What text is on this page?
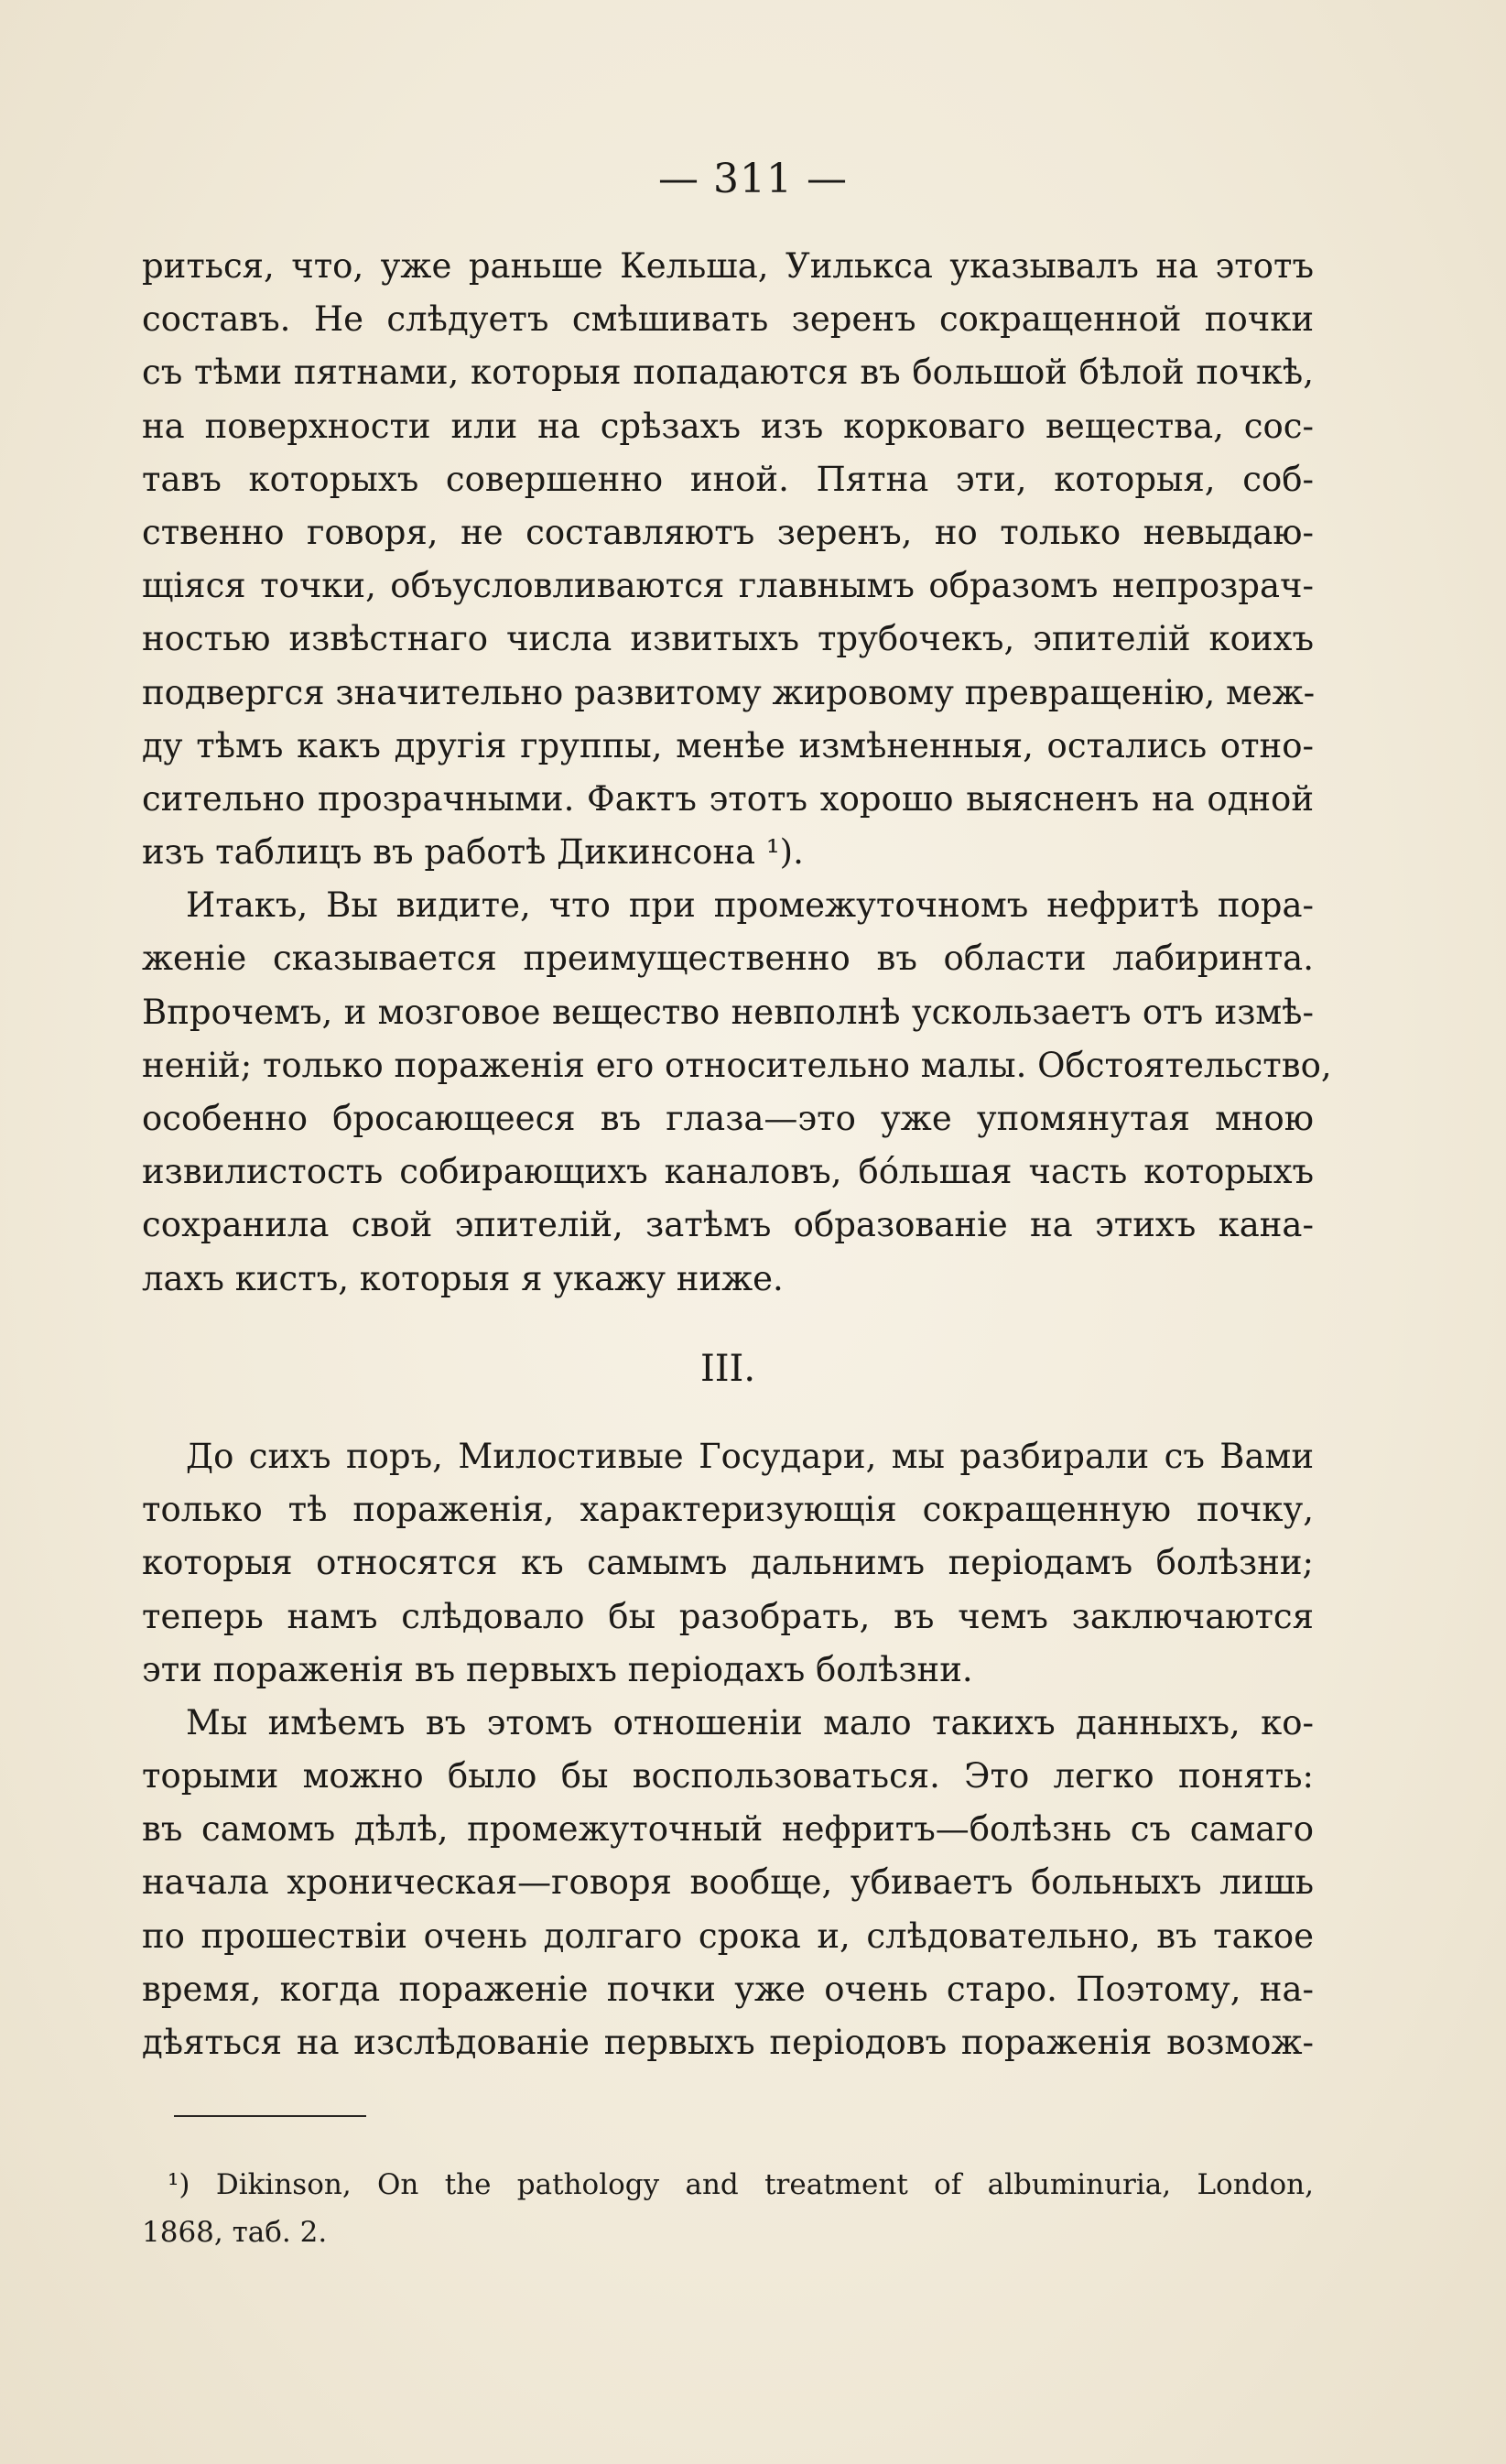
— 311 —
риться, что, уже раньше Кельша, Уилькса указывалъ на этотъ
составъ. Не слѣдуетъ смѣшивать зеренъ сокращенной почки
съ тѣми пятнами, которыя попадаются въ большой бѣлой почкѣ,
на поверхности или на срѣзахъ изъ корковаго вещества, сос-
тавъ которыхъ совершенно иной. Пятна эти, которыя, соб-
ственно говоря, не составляютъ зеренъ, но только невыдаю-
щіяся точки, объусловливаются главнымъ образомъ непрозрач-
ностью извѣстнаго числа извитыхъ трубочекъ, эпителій коихъ
подвергся значительно развитому жировому превращенію, меж-
ду тѣмъ какъ другія группы, менѣе измѣненныя, остались отно-
сительно прозрачными. Фактъ этотъ хорошо выясненъ на одной
изъ таблицъ въ работѣ Дикинсона ¹).
Итакъ, Вы видите, что при промежуточномъ нефритѣ пора-
женіе сказывается преимущественно въ области лабиринта.
Впрочемъ, и мозговое вещество невполнѣ ускользаетъ отъ измѣ-
неній; только пораженія его относительно малы. Обстоятельство,
особенно бросающееся въ глаза—это уже упомянутая мною
извилистость собирающихъ каналовъ, бо́льшая часть которыхъ
сохранила свой эпителій, затѣмъ образованіе на этихъ кана-
лахъ кистъ, которыя я укажу ниже.
III.
До сихъ поръ, Милостивые Государи, мы разбирали съ Вами
только тѣ пораженія, характеризующія сокращенную почку,
которыя относятся къ самымъ дальнимъ періодамъ болѣзни;
теперь намъ слѣдовало бы разобрать, въ чемъ заключаются
эти пораженія въ первыхъ періодахъ болѣзни.
Мы имѣемъ въ этомъ отношеніи мало такихъ данныхъ, ко-
торыми можно было бы воспользоваться. Это легко понять:
въ самомъ дѣлѣ, промежуточный нефритъ—болѣзнь съ самаго
начала хроническая—говоря вообще, убиваетъ больныхъ лишь
по прошествіи очень долгаго срока и, слѣдовательно, въ такое
время, когда пораженіе почки уже очень старо. Поэтому, на-
дѣяться на изслѣдованіе первыхъ періодовъ пораженія возмож-
¹) Dikinson, On the pathology and treatment of albuminuria, London,
1868, таб. 2.
